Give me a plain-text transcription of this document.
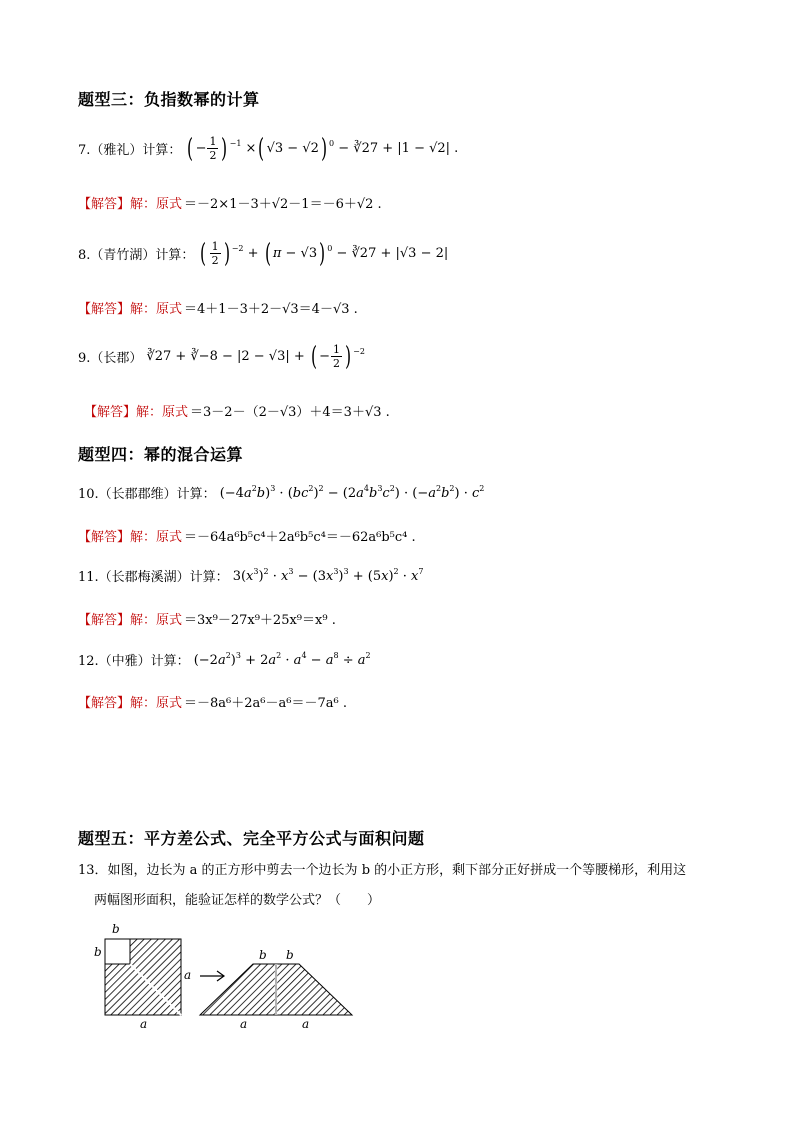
题型三：负指数幂的计算
7.（雅礼）计算： ( − $\frac{1}{2}$ ) $^{-1}$ ×( √3 − √2) $^0$ − ∛27 + |1 − √2| .
【解答】 解：原式 ＝－2×1－3＋√2－1＝－6＋√2 .
8.（青竹湖）计算： ( $\frac{1}{2}$ ) $^{-2}$ + ( π − √3) $^0$ − ∛27 + |√3 − 2|
【解答】 解：原式 ＝4＋1－3＋2－√3＝4－√3 .
9.（长郡） ∛27 + ∛−8 − |2 − √3| + ( − $\frac{1}{2}$ ) $^{-2}$
【解答】 解：原式 ＝3－2－（2－√3）＋4＝3＋√3 .
题型四：幂的混合运算
10.（长郡郡维）计算： $(-4a^2b)^3 \cdot (bc^2)^2 - (2a^4b^3c^2) \cdot (-a^2b^2) \cdot c^2$
【解答】 解：原式 ＝－64a⁶b⁵c⁴＋2a⁶b⁵c⁴＝－62a⁶b⁵c⁴ .
11.（长郡梅溪湖）计算： $3(x^3)^2 \cdot x^3 - (3x^3)^3 + (5x)^2 \cdot x^7$
【解答】 解：原式 ＝3x⁹－27x⁹＋25x⁹＝x⁹ .
12.（中雅）计算： $(-2a^2)^3 + 2a^2 \cdot a^4 - a^8 \div a^2$
【解答】 解：原式 ＝－8a⁶＋2a⁶－a⁶＝－7a⁶ .
题型五：平方差公式、完全平方公式与面积问题
13．如图，边长为 a 的正方形中剪去一个边长为 b 的小正方形，剩下部分正好拼成一个等腰梯形，利用这
两幅图形面积，能验证怎样的数学公式？（　　）
b
b
a
a
b b
a	a
